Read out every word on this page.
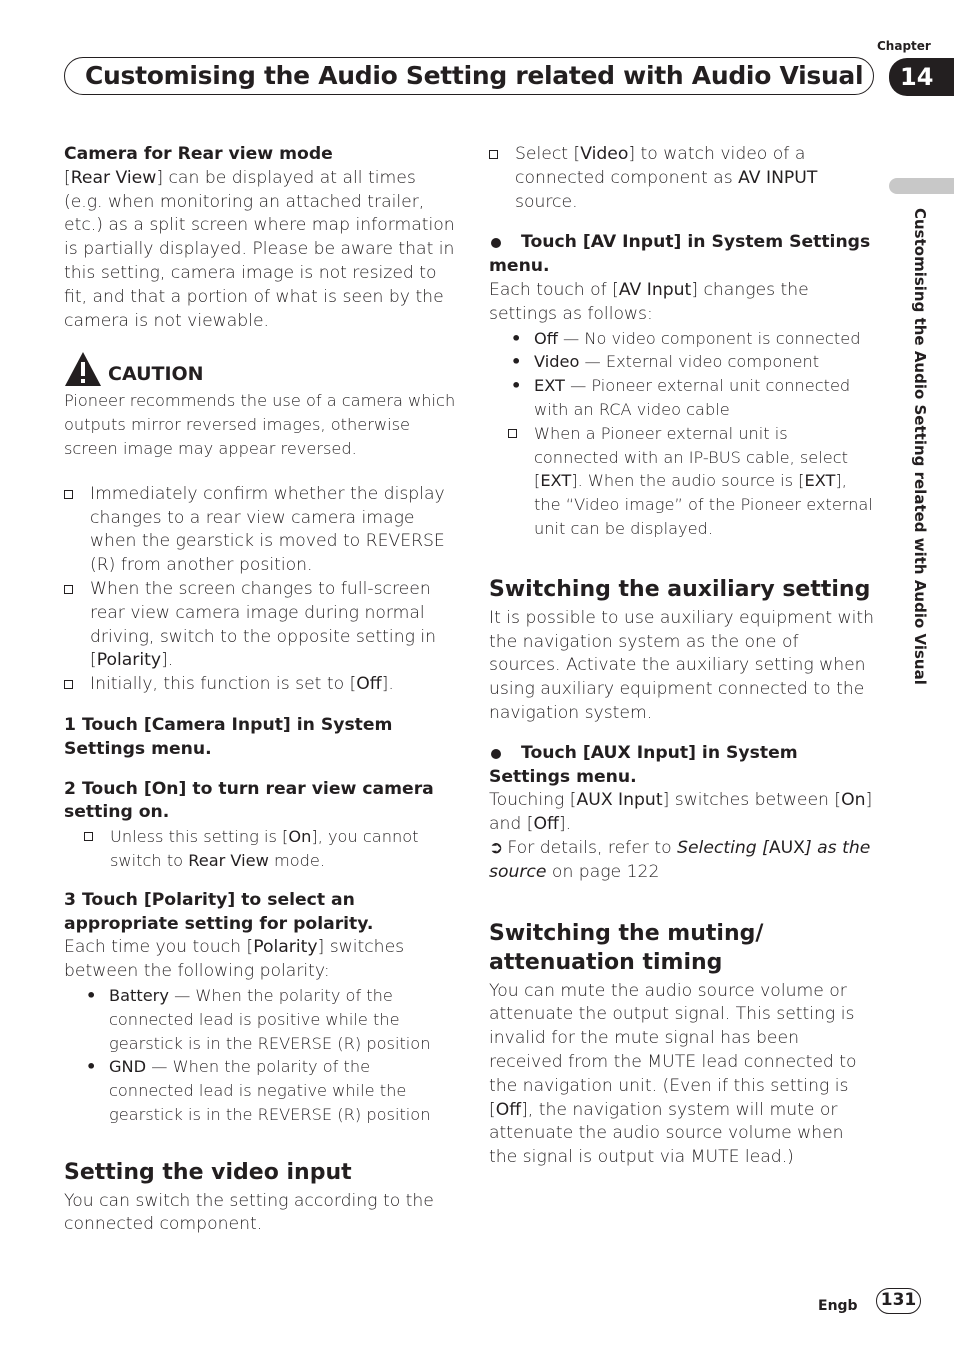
Customising the Audio Setting related with Audio Visual
Chapter
14
Customising the Audio Setting related with Audio Visual

Camera for Rear view mode

[Rear View] can be displayed at all times (e.g. when monitoring an attached trailer, etc.) as a split screen where map information is partially displayed. Please be aware that in this setting, camera image is not resized to fit, and that a portion of what is seen by the camera is not viewable.

CAUTION

Pioneer recommends the use of a camera which outputs mirror reversed images, otherwise screen image may appear reversed.

Immediately confirm whether the display changes to a rear view camera image when the gearstick is moved to REVERSE (R) from another position.
When the screen changes to full-screen rear view camera image during normal driving, switch to the opposite setting in [Polarity].
Initially, this function is set to [Off].

1 Touch [Camera Input] in System Settings menu.

2 Touch [On] to turn rear view camera setting on.

Unless this setting is [On], you cannot switch to Rear View mode.

3 Touch [Polarity] to select an appropriate setting for polarity.

Each time you touch [Polarity] switches between the following polarity:

• Battery — When the polarity of the connected lead is positive while the gearstick is in the REVERSE (R) position
• GND — When the polarity of the connected lead is negative while the gearstick is in the REVERSE (R) position

Setting the video input

You can switch the setting according to the connected component.

Select [Video] to watch video of a connected component as AV INPUT source.
Touch [AV Input] in System Settings menu.

Each touch of [AV Input] changes the settings as follows:

• Off — No video component is connected
• Video — External video component
• EXT — Pioneer external unit connected with an RCA video cable
When a Pioneer external unit is connected with an IP-BUS cable, select [EXT]. When the audio source is [EXT], the “Video image” of the Pioneer external unit can be displayed.

Switching the auxiliary setting

It is possible to use auxiliary equipment with the navigation system as the one of sources. Activate the auxiliary setting when using auxiliary equipment connected to the navigation system.

Touch [AUX Input] in System Settings menu.

Touching [AUX Input] switches between [On] and [Off].

➲ For details, refer to Selecting [AUX] as the source on page 122

Switching the muting/

attenuation timing

You can mute the audio source volume or attenuate the output signal. This setting is invalid for the mute signal has been received from the MUTE lead connected to the navigation unit. (Even if this setting is [Off], the navigation system will mute or attenuate the audio source volume when the signal is output via MUTE lead.)

Engb 131
